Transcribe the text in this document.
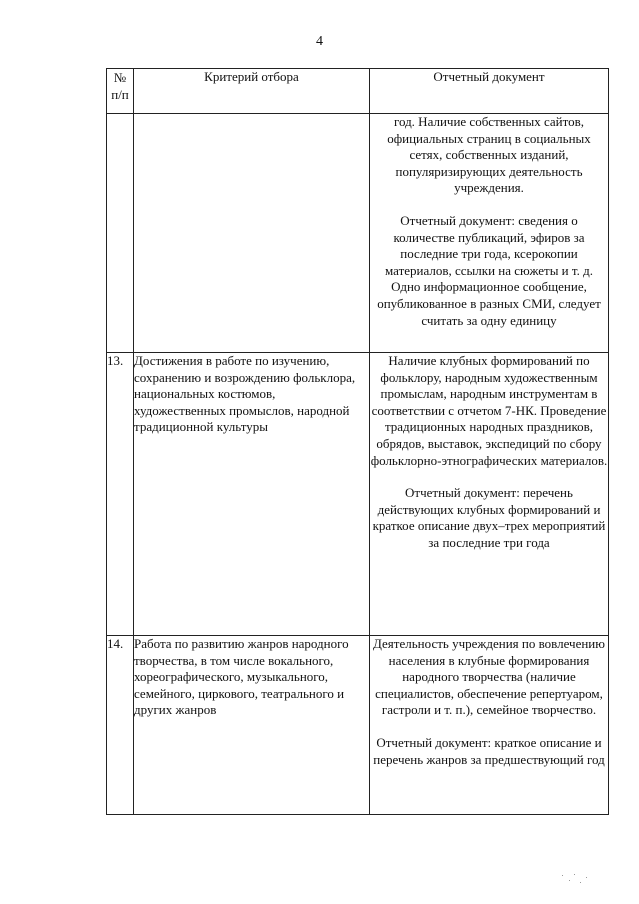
4
№
п/п	Критерий отбора	Отчетный документ

		год. Наличие собственных сайтов, официальных страниц в социальных сетях, собственных изданий, популяризирующих деятельность учреждения.

Отчетный документ: сведения о количестве публикаций, эфиров за последние три года, ксерокопии материалов, ссылки на сюжеты и т. д. Одно информационное сообщение, опубликованное в разных СМИ, следует считать за одну единицу

13.	Достижения в работе по изучению, сохранению и возрождению фольклора, национальных костюмов, художественных промыслов, народной традиционной культуры	Наличие клубных формирований по фольклору, народным художественным промыслам, народным инструментам в соответствии с отчетом 7-НК. Проведение традиционных народных праздников, обрядов, выставок, экспедиций по сбору фольклорно-этнографических материалов.

Отчетный документ: перечень действующих клубных формирований и краткое описание двух–трех мероприятий за последние три года

14.	Работа по развитию жанров народного творчества, в том числе вокального, хореографического, музыкального, семейного, циркового, театрального и других жанров	Деятельность учреждения по вовлечению населения в клубные формирования народного творчества (наличие специалистов, обеспечение репертуаром, гастроли и т. п.), семейное творчество.

Отчетный документ: краткое описание и перечень жанров за предшествующий год
